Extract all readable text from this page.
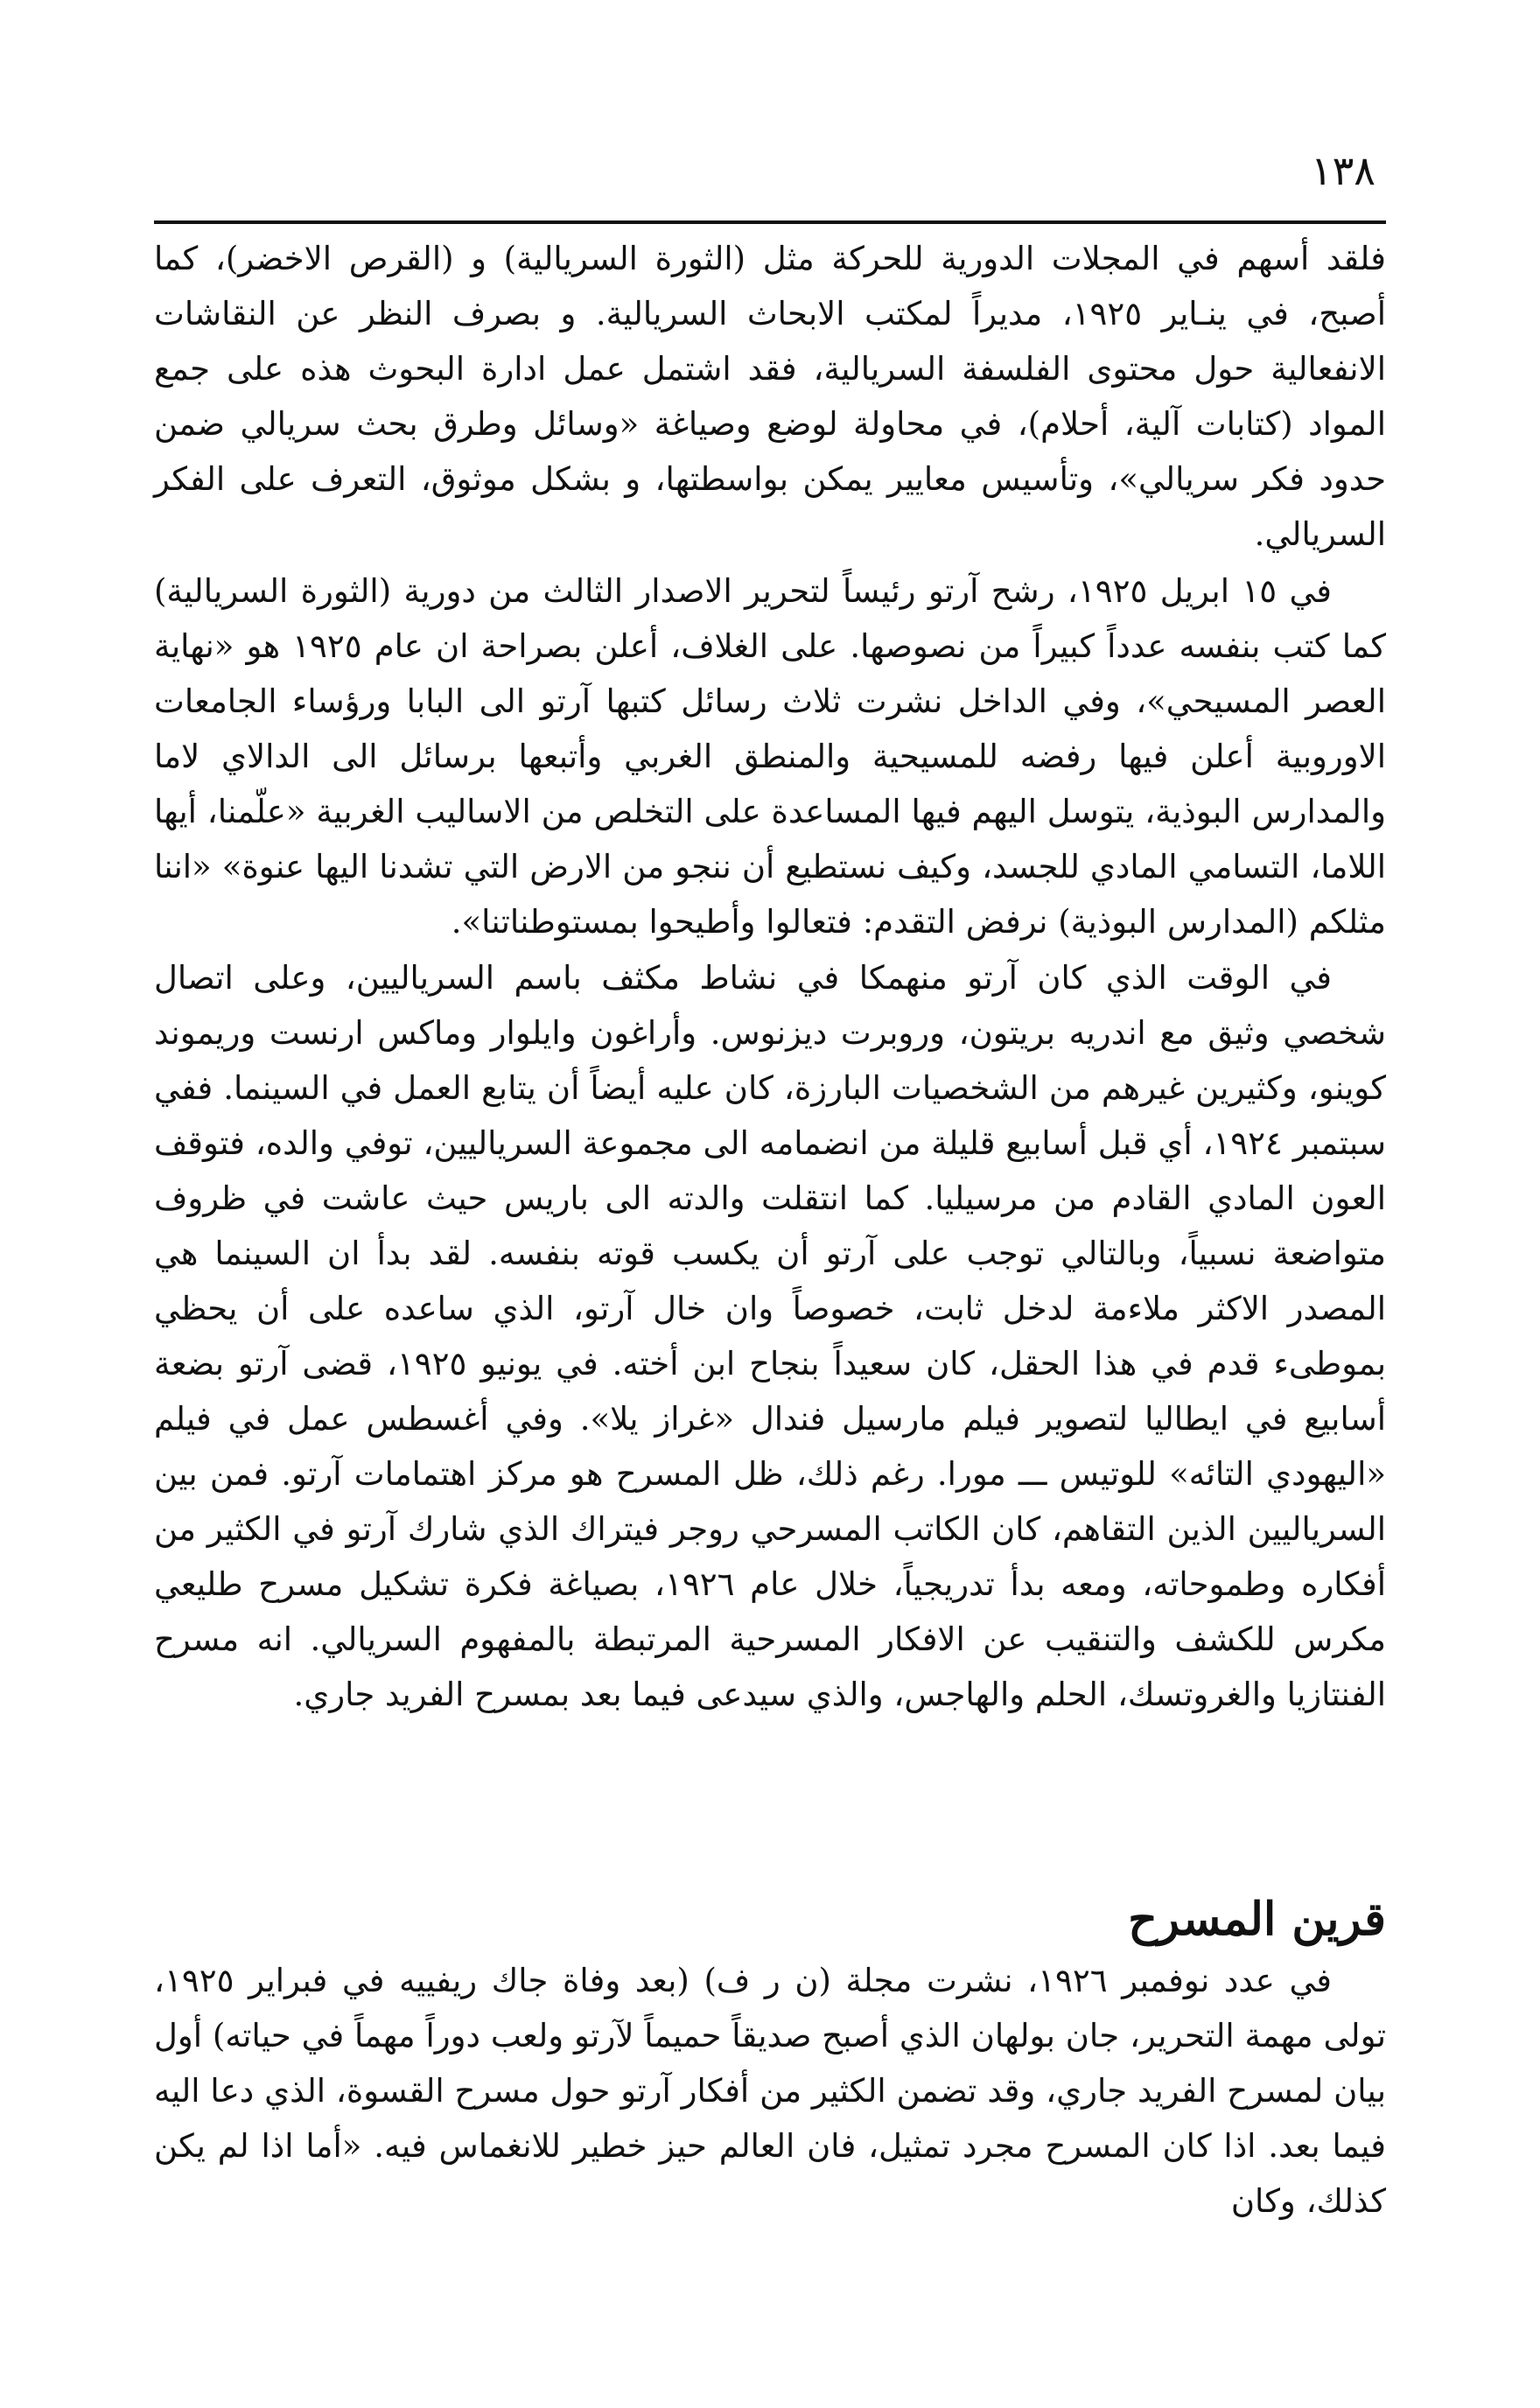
١٣٨

فلقد أسهم في المجلات الدورية للحركة مثل (الثورة السريالية) و (القرص الاخضر)، كما أصبح، في ينـاير ١٩٢٥، مديراً لمكتب الابحاث السريالية. و بصرف النظر عن النقاشات الانفعالية حول محتوى الفلسفة السريالية، فقد اشتمل عمل ادارة البحوث هذه على جمع المواد (كتابات آلية، أحلام)، في محاولة لوضع وصياغة «وسائل وطرق بحث سريالي ضمن حدود فكر سريالي»، وتأسيس معايير يمكن بواسطتها، و بشكل موثوق، التعرف على الفكر السريالي.

في ١٥ ابريل ١٩٢٥، رشح آرتو رئيساً لتحرير الاصدار الثالث من دورية (الثورة السريالية) كما كتب بنفسه عدداً كبيراً من نصوصها. على الغلاف، أعلن بصراحة ان عام ١٩٢٥ هو «نهاية العصر المسيحي»، وفي الداخل نشرت ثلاث رسائل كتبها آرتو الى البابا ورؤساء الجامعات الاوروبية أعلن فيها رفضه للمسيحية والمنطق الغربي وأتبعها برسائل الى الدالاي لاما والمدارس البوذية، يتوسل اليهم فيها المساعدة على التخلص من الاساليب الغربية «علّمنا، أيها اللاما، التسامي المادي للجسد، وكيف نستطيع أن ننجو من الارض التي تشدنا اليها عنوة» «اننا مثلكم (المدارس البوذية) نرفض التقدم: فتعالوا وأطيحوا بمستوطناتنا».

في الوقت الذي كان آرتو منهمكا في نشاط مكثف باسم السرياليين، وعلى اتصال شخصي وثيق مع اندريه بريتون، وروبرت ديزنوس. وأراغون وايلوار وماكس ارنست وريموند كوينو، وكثيرين غيرهم من الشخصيات البارزة، كان عليه أيضاً أن يتابع العمل في السينما. ففي سبتمبر ١٩٢٤، أي قبل أسابيع قليلة من انضمامه الى مجموعة السرياليين، توفي والده، فتوقف العون المادي القادم من مرسيليا. كما انتقلت والدته الى باريس حيث عاشت في ظروف متواضعة نسبياً، وبالتالي توجب على آرتو أن يكسب قوته بنفسه. لقد بدأ ان السينما هي المصدر الاكثر ملاءمة لدخل ثابت، خصوصاً وان خال آرتو، الذي ساعده على أن يحظي بموطىء قدم في هذا الحقل، كان سعيداً بنجاح ابن أخته. في يونيو ١٩٢٥، قضى آرتو بضعة أسابيع في ايطاليا لتصوير فيلم مارسيل فندال «غراز يلا». وفي أغسطس عمل في فيلم «اليهودي التائه» للوتيس ـــ مورا. رغم ذلك، ظل المسرح هو مركز اهتمامات آرتو. فمن بين السرياليين الذين التقاهم، كان الكاتب المسرحي روجر فيتراك الذي شارك آرتو في الكثير من أفكاره وطموحاته، ومعه بدأ تدريجياً، خلال عام ١٩٢٦، بصياغة فكرة تشكيل مسرح طليعي مكرس للكشف والتنقيب عن الافكار المسرحية المرتبطة بالمفهوم السريالي. انه مسرح الفنتازيا والغروتسك، الحلم والهاجس، والذي سيدعى فيما بعد بمسرح الفريد جاري.

قرين المسرح

في عدد نوفمبر ١٩٢٦، نشرت مجلة (ن ر ف) (بعد وفاة جاك ريفييه في فبراير ١٩٢٥، تولى مهمة التحرير، جان بولهان الذي أصبح صديقاً حميماً لآرتو ولعب دوراً مهماً في حياته) أول بيان لمسرح الفريد جاري، وقد تضمن الكثير من أفكار آرتو حول مسرح القسوة، الذي دعا اليه فيما بعد. اذا كان المسرح مجرد تمثيل، فان العالم حيز خطير للانغماس فيه. «أما اذا لم يكن كذلك، وكان
